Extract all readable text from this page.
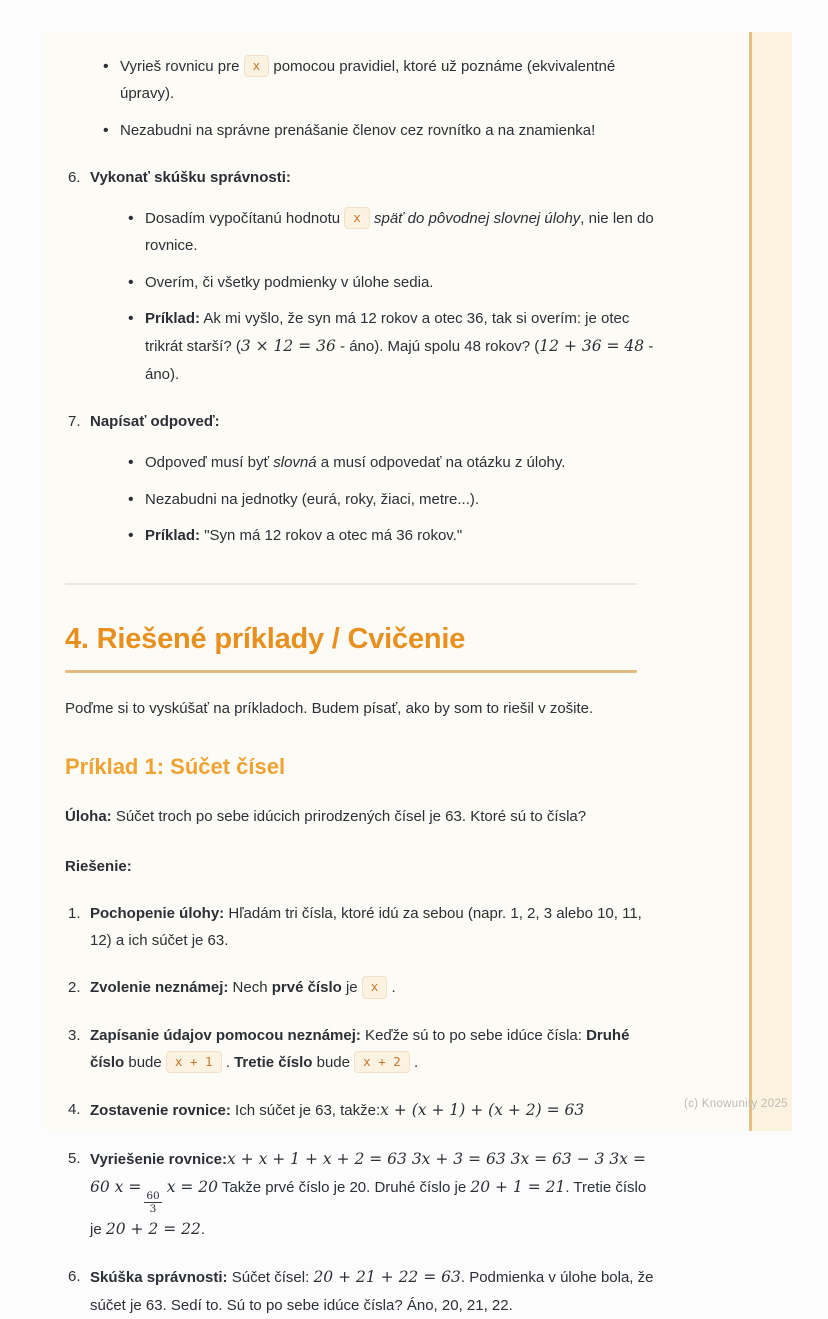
• Vyrieš rovnicu pre x pomocou pravidiel, ktoré už poznáme (ekvivalentné úpravy).
• Nezabudni na správne prenášanie členov cez rovnítko a na znamienka!
6. Vykonať skúšku správnosti:
• Dosadím vypočítanú hodnotu x späť do pôvodnej slovnej úlohy, nie len do rovnice.
• Overím, či všetky podmienky v úlohe sedia.
• Príklad: Ak mi vyšlo, že syn má 12 rokov a otec 36, tak si overím: je otec trikrát starší? (3 × 12 = 36 - áno). Majú spolu 48 rokov? (12 + 36 = 48 - áno).
7. Napísať odpoveď:
• Odpoveď musí byť slovná a musí odpovedať na otázku z úlohy.
• Nezabudni na jednotky (eurá, roky, žiaci, metre...).
• Príklad: "Syn má 12 rokov a otec má 36 rokov."
4. Riešené príklady / Cvičenie

Poďme si to vyskúšať na príkladoch. Budem písať, ako by som to riešil v zošite.

Príklad 1: Súčet čísel

Úloha: Súčet troch po sebe idúcich prirodzených čísel je 63. Ktoré sú to čísla?

Riešenie:

1. Pochopenie úlohy: Hľadám tri čísla, ktoré idú za sebou (napr. 1, 2, 3 alebo 10, 11, 12) a ich súčet je 63.
2. Zvolenie neznámej: Nech prvé číslo je x .
3. Zapísanie údajov pomocou neznámej: Keďže sú to po sebe idúce čísla: Druhé číslo bude x + 1 . Tretie číslo bude x + 2 .
4. Zostavenie rovnice: Ich súčet je 63, takže:x + (x + 1) + (x + 2) = 63
5. Vyriešenie rovnice:x + x + 1 + x + 2 = 63 3x + 3 = 63 3x = 63 − 3 3x = 60 x =
$\frac{60}{3}$
x = 20 Takže prvé číslo je 20. Druhé číslo je 20 + 1 = 21. Tretie číslo je 20 + 2 = 22.
6. Skúška správnosti: Súčet čísel: 20 + 21 + 22 = 63. Podmienka v úlohe bola, že súčet je 63. Sedí to. Sú to po sebe idúce čísla? Áno, 20, 21, 22.
(c) Knowunity 2025
